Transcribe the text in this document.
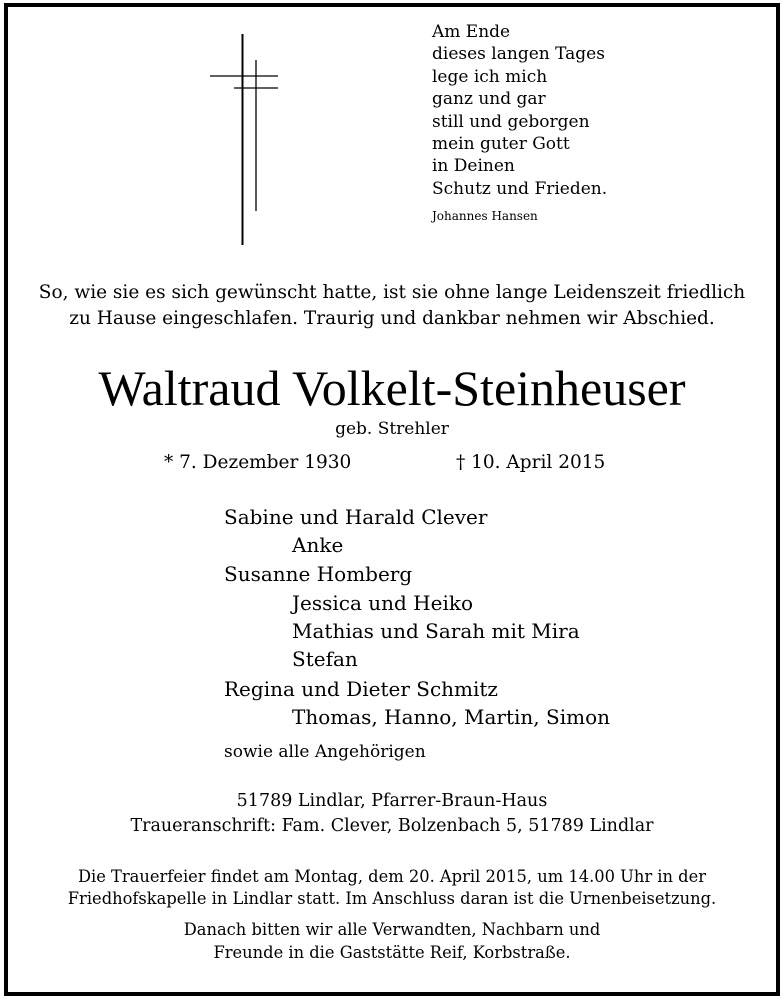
Am Ende
dieses langen Tages
lege ich mich
ganz und gar
still und geborgen
mein guter Gott
in Deinen
Schutz und Frieden.
Johannes Hansen
So, wie sie es sich gewünscht hatte, ist sie ohne lange Leidenszeit friedlich
zu Hause eingeschlafen. Traurig und dankbar nehmen wir Abschied.
Waltraud Volkelt-Steinheuser
geb. Strehler
* 7. Dezember 1930	† 10. April 2015
Sabine und Harald Clever
Anke
Susanne Homberg
Jessica und Heiko
Mathias und Sarah mit Mira
Stefan
Regina und Dieter Schmitz
Thomas, Hanno, Martin, Simon
sowie alle Angehörigen
51789 Lindlar, Pfarrer-Braun-Haus
Traueranschrift: Fam. Clever, Bolzenbach 5, 51789 Lindlar
Die Trauerfeier findet am Montag, dem 20. April 2015, um 14.00 Uhr in der
Friedhofskapelle in Lindlar statt. Im Anschluss daran ist die Urnenbeisetzung.
Danach bitten wir alle Verwandten, Nachbarn und
Freunde in die Gaststätte Reif, Korbstraße.
